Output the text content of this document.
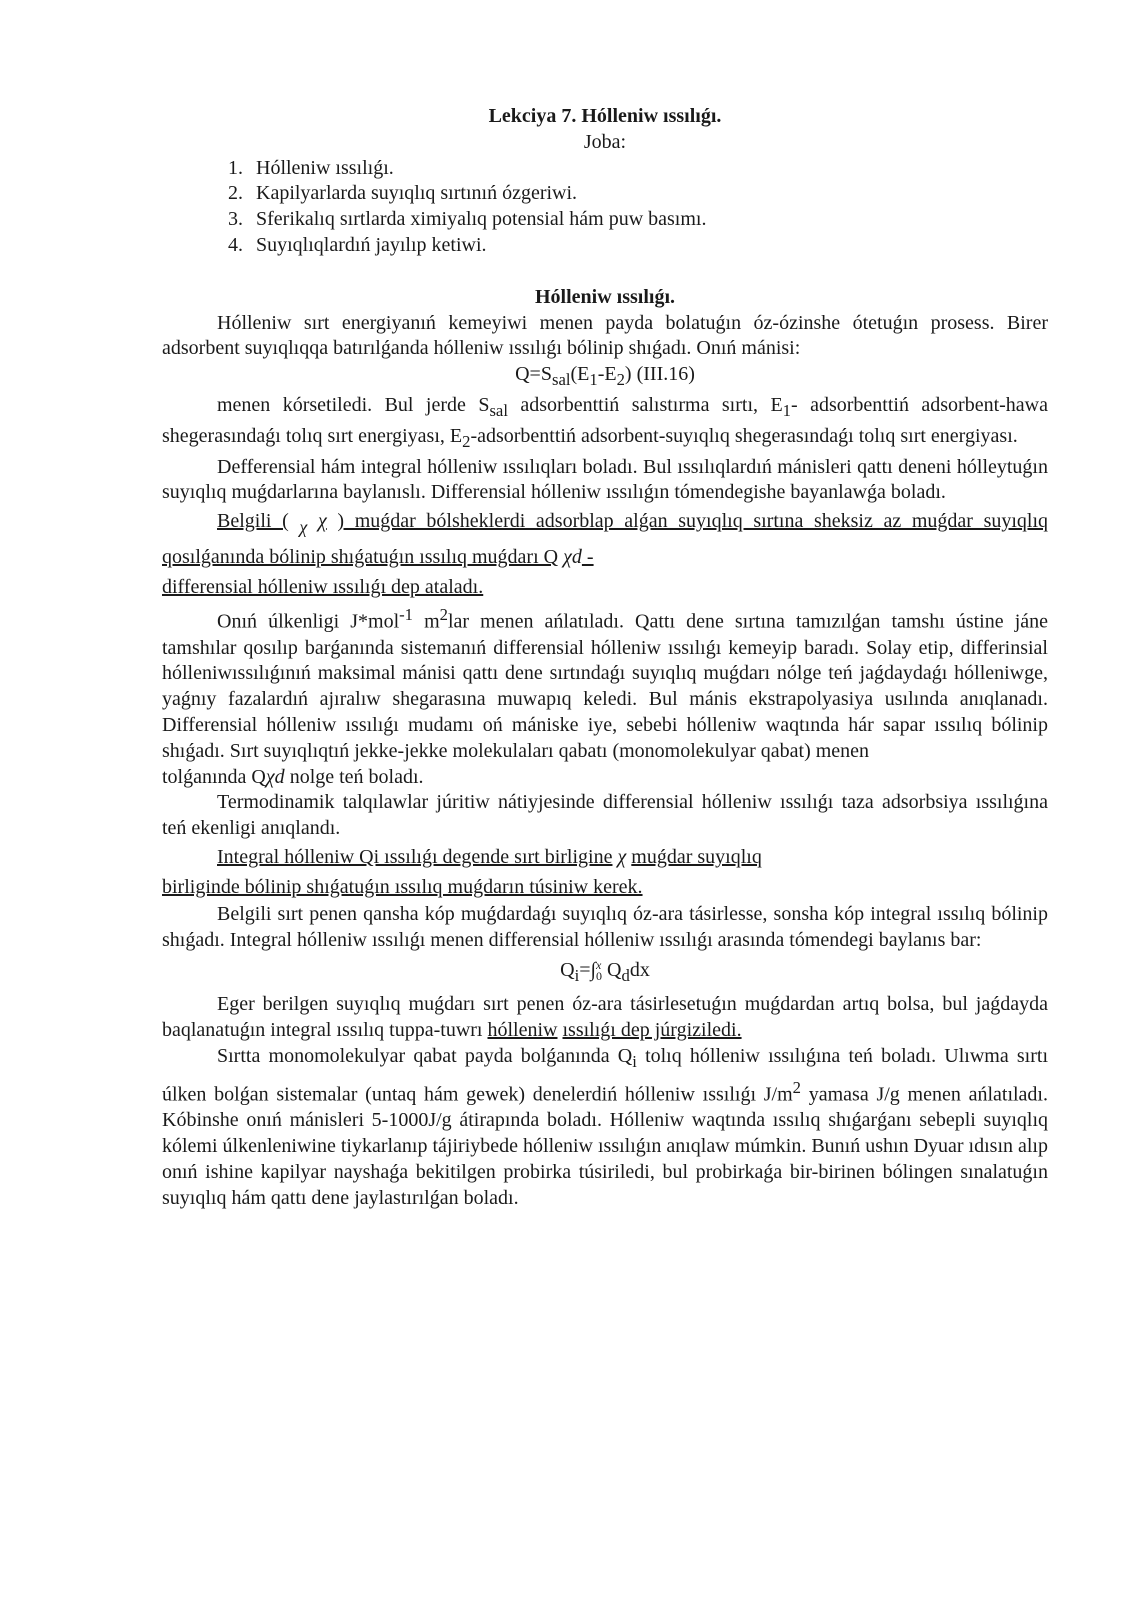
Lekciya 7. Hólleniw ıssılıǵı.
Joba:
1. Hólleniw ıssılıǵı.
2. Kapilyarlarda suyıqlıq sırtınıń ózgeriwi.
3. Sferikalıq sırtlarda ximiyalıq potensial hám puw basımı.
4. Suyıqlıqlardıń jayılıp ketiwi.
Hólleniw ıssılıǵı.

Hólleniw sırt energiyanıń kemeyiwi menen payda bolatuǵın óz-ózinshe ótetuǵın prosess. Birer adsorbent suyıqlıqqa batırılǵanda hólleniw ıssılıǵı bólinip shıǵadı. Onıń mánisi:

$Q=S_{sal}(E_1-E_2)$ (III.16)

menen kórsetiledi. Bul jerde $S_{sal}$ adsorbenttiń salıstırma sırtı, $E_1-$ adsorbenttiń adsorbent-hawa shegerasındaǵı tolıq sırt energiyası, $E_2$-adsorbenttiń adsorbent-suyıqlıq shegerasındaǵı tolıq sırt energiyası.

Defferensial hám integral hólleniw ıssılıqları boladı. Bul ıssılıqlardıń mánisleri qattı deneni hólleytuǵın suyıqlıq muǵdarlarına baylanıslı. Differensial hólleniw ıssılıǵın tómendegishe bayanlawǵa boladı.

Belgili ( χ χ ) muǵdar bólsheklerdi adsorblap alǵan suyıqlıq sırtına sheksiz az muǵdar suyıqlıq qosılǵanında bólinip shıǵatuǵın ıssılıq muǵdarı Q χd -
differensial hólleniw ıssılıǵı dep ataladı.

Onıń úlkenligi J*mol$^{-1}$ $m^2lar$ menen ańlatıladı. Qattı dene sırtına tamızılǵan tamshı ústine jáne tamshılar qosılıp barǵanında sistemanıń differensial hólleniw ıssılıǵı kemeyip baradı. Solay etip, differinsial hólleniwıssılıǵınıń maksimal mánisi qattı dene sırtındaǵı suyıqlıq muǵdarı nólge teń jaǵdaydaǵı hólleniwge, yaǵnıy fazalardıń ajıralıw shegarasına muwapıq keledi. Bul mánis ekstrapolyasiya usılında anıqlanadı. Differensial hólleniw ıssılıǵı mudamı oń mániske iye, sebebi hólleniw waqtında hár sapar ıssılıq bólinip shıǵadı. Sırt suyıqlıqtıń jekke-jekke molekulaları qabatı (monomolekulyar qabat) menen

tolǵanında Qχd nolge teń boladı.

Termodinamik talqılawlar júritiw nátiyjesinde differensial hólleniw ıssılıǵı taza adsorbsiya ıssılıǵına teń ekenligi anıqlandı.

Integral hólleniw Qi ıssılıǵı degende sırt birligine χ muǵdar suyıqlıq
birliginde bólinip shıǵatuǵın ıssılıq muǵdarın túsiniw kerek.

Belgili sırt penen qansha kóp muǵdardaǵı suyıqlıq óz-ara tásirlesse, sonsha kóp integral ıssılıq bólinip shıǵadı. Integral hólleniw ıssılıǵı menen differensial hólleniw ıssılıǵı arasında tómendegi baylanıs bar:

$Q_i=\int x$
0 $Q_ddx$

Eger berilgen suyıqlıq muǵdarı sırt penen óz-ara tásirlesetuǵın muǵdardan artıq bolsa, bul jaǵdayda baqlanatuǵın integral ıssılıq tuppa-tuwrı hólleniw ıssılıǵı dep júrgiziledi.

Sırtta monomolekulyar qabat payda bolǵanında $Q_i$ tolıq hólleniw ıssılıǵına teń boladı. Ulıwma sırtı úlken bolǵan sistemalar (untaq hám gewek) denelerdiń hólleniw ıssılıǵı $J/m^2$ yamasa J/g menen ańlatıladı. Kóbinshe onıń mánisleri 5-1000J/g átirapında boladı. Hólleniw waqtında ıssılıq shıǵarǵanı sebepli suyıqlıq kólemi úlkenleniwine tiykarlanıp tájiriybede hólleniw ıssılıǵın anıqlaw múmkin. Bunıń ushın Dyuar ıdısın alıp onıń ishine kapilyar nayshaǵa bekitilgen probirka túsiriledi, bul probirkaǵa bir-birinen bólingen sınalatuǵın suyıqlıq hám qattı dene jaylastırılǵan boladı.
